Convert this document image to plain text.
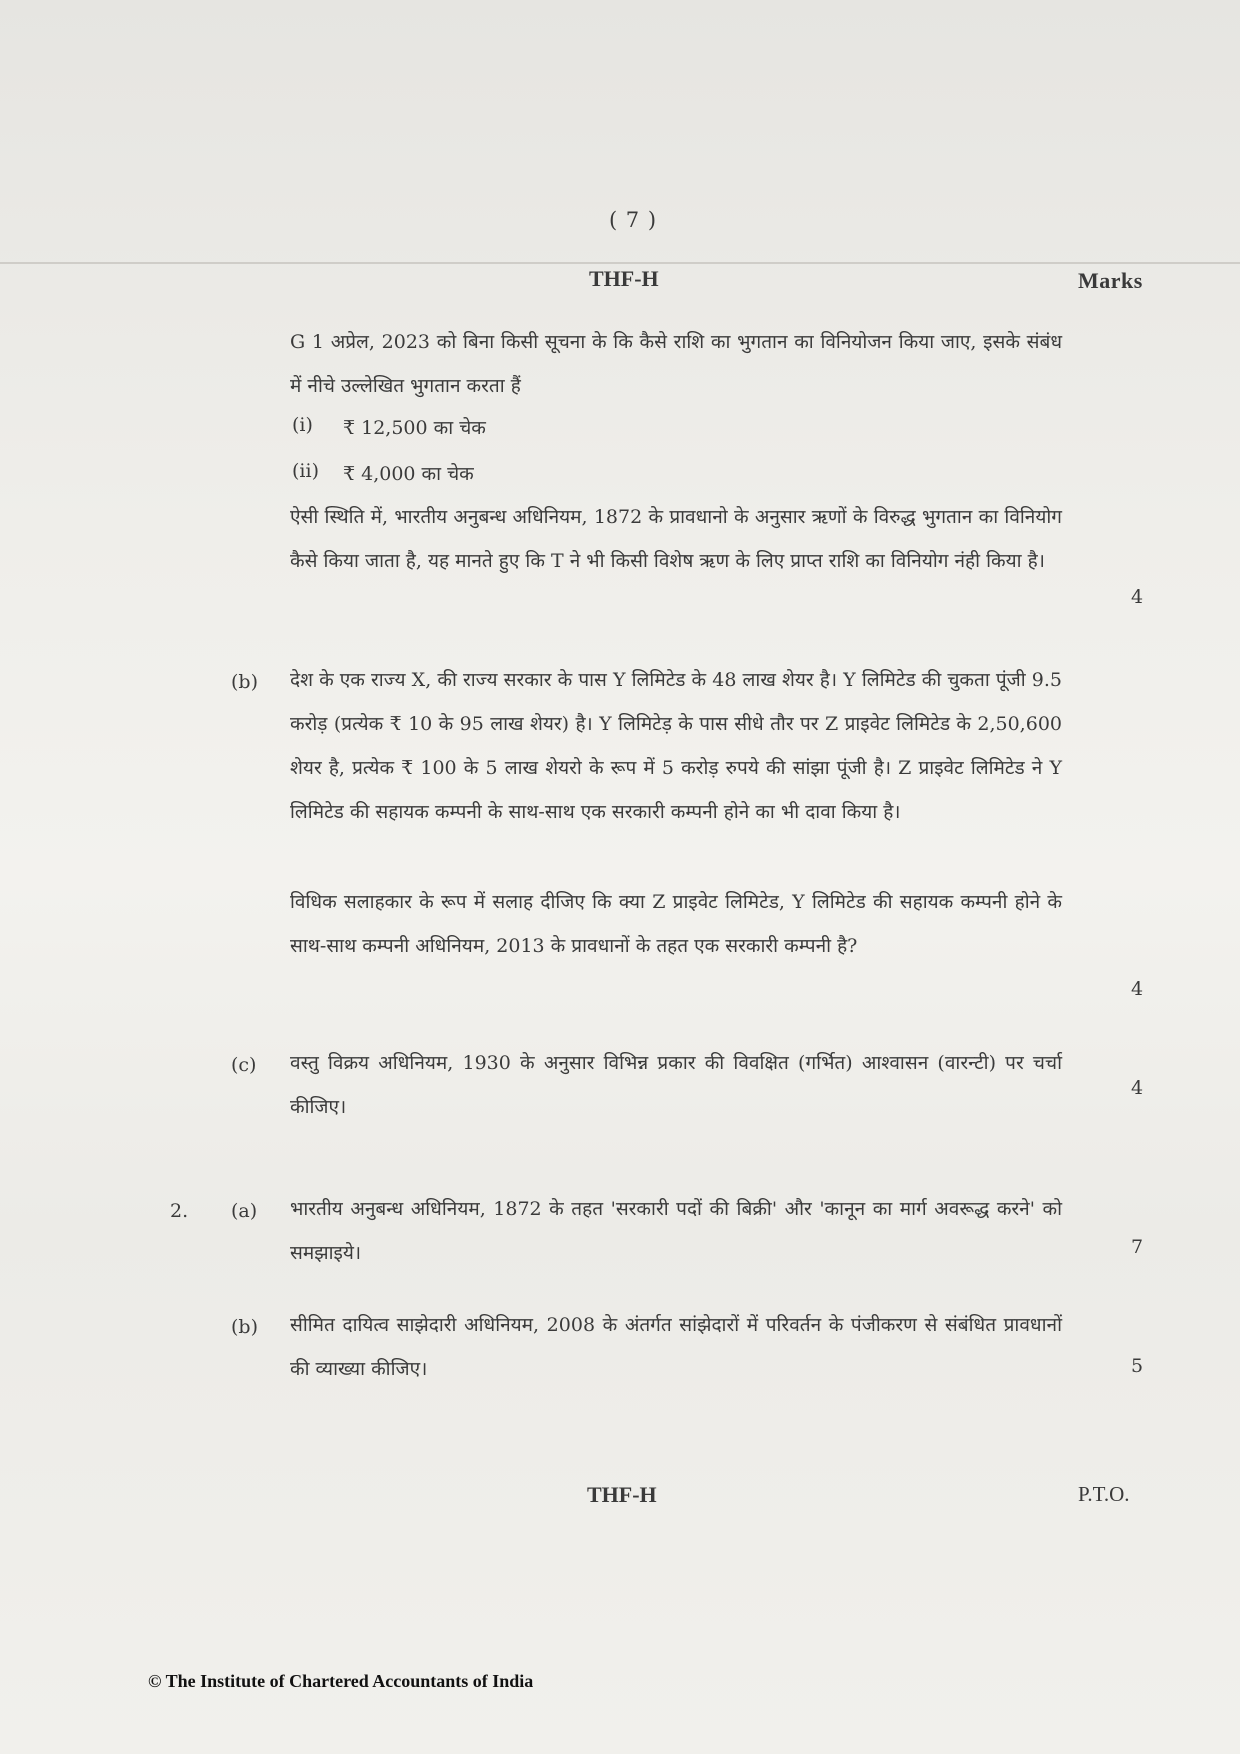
( 7 )
THF-H	Marks
G 1 अप्रेल, 2023 को बिना किसी सूचना के कि कैसे राशि का भुगतान का विनियोजन किया जाए, इसके संबंध में नीचे उल्लेखित भुगतान करता हैं
(i) ₹ 12,500 का चेक
(ii) ₹ 4,000 का चेक
ऐसी स्थिति में, भारतीय अनुबन्ध अधिनियम, 1872 के प्रावधानो के अनुसार ऋणों के विरुद्ध भुगतान का विनियोग कैसे किया जाता है, यह मानते हुए कि T ने भी किसी विशेष ऋण के लिए प्राप्त राशि का विनियोग नंही किया है।
4
(b) देश के एक राज्य X, की राज्य सरकार के पास Y लिमिटेड के 48 लाख शेयर है। Y लिमिटेड की चुकता पूंजी 9.5 करोड़ (प्रत्येक ₹ 10 के 95 लाख शेयर) है। Y लिमिटेड़ के पास सीधे तौर पर Z प्राइवेट लिमिटेड के 2,50,600 शेयर है, प्रत्येक ₹ 100 के 5 लाख शेयरो के रूप में 5 करोड़ रुपये की सांझा पूंजी है। Z प्राइवेट लिमिटेड ने Y लिमिटेड की सहायक कम्पनी के साथ-साथ एक सरकारी कम्पनी होने का भी दावा किया है।
विधिक सलाहकार के रूप में सलाह दीजिए कि क्या Z प्राइवेट लिमिटेड, Y लिमिटेड की सहायक कम्पनी होने के साथ-साथ कम्पनी अधिनियम, 2013 के प्रावधानों के तहत एक सरकारी कम्पनी है?
4
(c) वस्तु विक्रय अधिनियम, 1930 के अनुसार विभिन्न प्रकार की विवक्षित (गर्भित) आश्वासन (वारन्टी) पर चर्चा कीजिए।
4
2. (a) भारतीय अनुबन्ध अधिनियम, 1872 के तहत 'सरकारी पदों की बिक्री' और 'कानून का मार्ग अवरूद्ध करने' को समझाइये।	7
(b) सीमित दायित्व साझेदारी अधिनियम, 2008 के अंतर्गत सांझेदारों में परिवर्तन के पंजीकरण से संबंधित प्रावधानों की व्याख्या कीजिए।	5
THF-H	P.T.O.
© The Institute of Chartered Accountants of India
